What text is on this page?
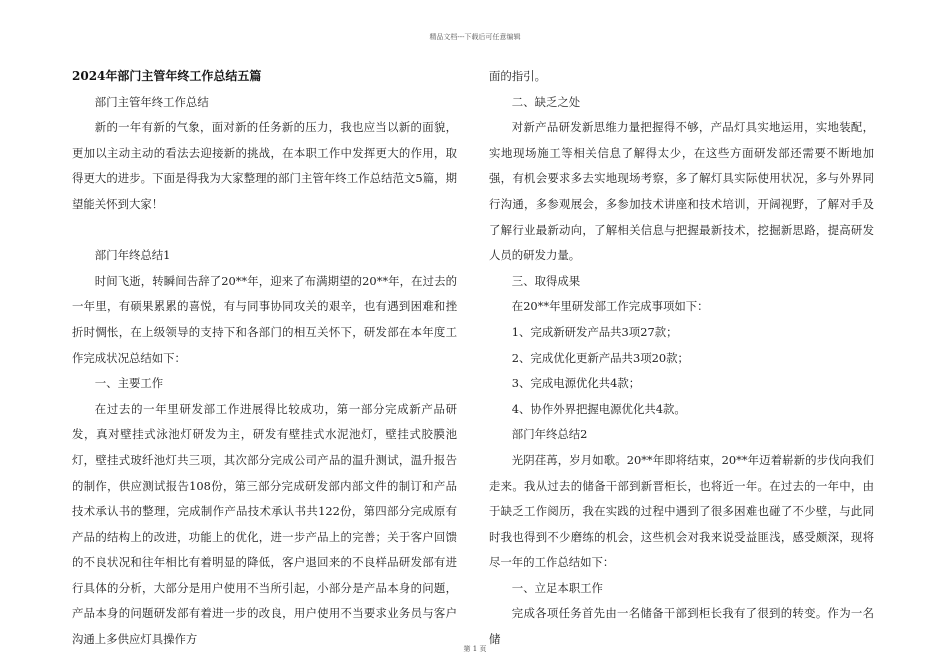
精品文档---下载后可任意编辑

2024年部门主管年终工作总结五篇

部门主管年终工作总结

新的一年有新的气象，面对新的任务新的压力，我也应当以新的面貌，更加以主动主动的看法去迎接新的挑战，在本职工作中发挥更大的作用，取得更大的进步。下面是得我为大家整理的部门主管年终工作总结范文5篇，期望能关怀到大家！

部门年终总结1

时间飞逝，转瞬间告辞了20**年，迎来了布满期望的20**年，在过去的一年里，有硕果累累的喜悦，有与同事协同攻关的艰辛，也有遇到困难和挫折时惆怅，在上级领导的支持下和各部门的相互关怀下，研发部在本年度工作完成状况总结如下：

一、主要工作

在过去的一年里研发部工作进展得比较成功，第一部分完成新产品研发，真对壁挂式泳池灯研发为主，研发有壁挂式水泥池灯，壁挂式胶膜池灯，壁挂式玻纤池灯共三项，其次部分完成公司产品的温升测试，温升报告的制作，供应测试报告108份，第三部分完成研发部内部文件的制订和产品技术承认书的整理，完成制作产品技术承认书共122份，第四部分完成原有产品的结构上的改进，功能上的优化，进一步产品上的完善；关于客户回馈的不良状况和往年相比有着明显的降低，客户退回来的不良样品研发部有进行具体的分析，大部分是用户使用不当所引起，小部分是产品本身的问题，产品本身的问题研发部有着进一步的改良，用户使用不当要求业务员与客户沟通上多供应灯具操作方

面的指引。

二、缺乏之处

对新产品研发新思维力量把握得不够，产品灯具实地运用，实地装配，实地现场施工等相关信息了解得太少，在这些方面研发部还需要不断地加强，有机会要求多去实地现场考察，多了解灯具实际使用状况，多与外界同行沟通，多参观展会，多参加技术讲座和技术培训，开阔视野，了解对手及了解行业最新动向，了解相关信息与把握最新技术，挖掘新思路，提高研发人员的研发力量。

三、取得成果

在20**年里研发部工作完成事项如下：

1、完成新研发产品共3项27款；

2、完成优化更新产品共3项20款；

3、完成电源优化共4款；

4、协作外界把握电源优化共4款。

部门年终总结2

光阴荏苒，岁月如歌。20**年即将结束，20**年迈着崭新的步伐向我们走来。我从过去的储备干部到新晋柜长，也将近一年。在过去的一年中，由于缺乏工作阅历，我在实践的过程中遇到了很多困难也碰了不少壁，与此同时我也得到不少磨练的机会，这些机会对我来说受益匪浅，感受颇深，现将尽一年的工作总结如下：

一、立足本职工作

完成各项任务首先由一名储备干部到柜长我有了很到的转变。作为一名储

第 1 页
